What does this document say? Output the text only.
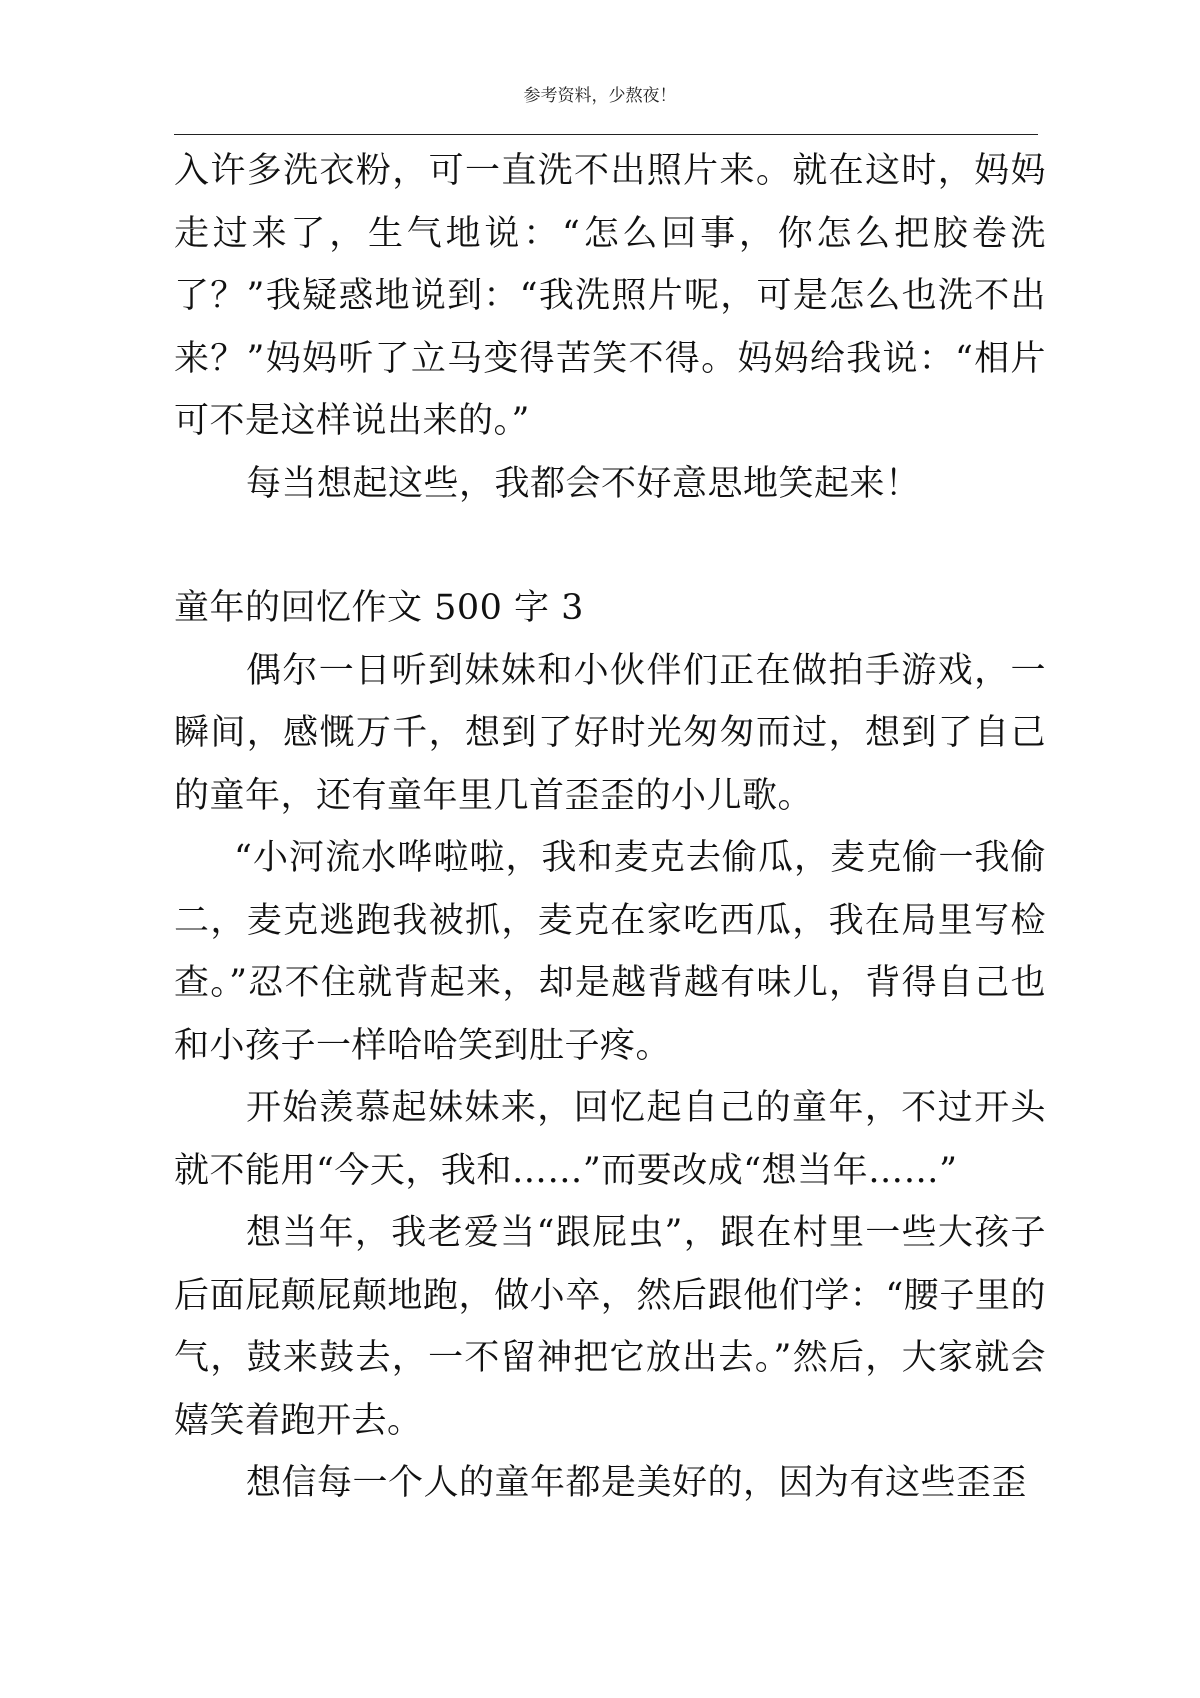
参考资料，少熬夜！

入许多洗衣粉，可一直洗不出照片来。就在这时，妈妈走过来了，生气地说：“怎么回事，你怎么把胶卷洗了？”我疑惑地说到：“我洗照片呢，可是怎么也洗不出来？”妈妈听了立马变得苦笑不得。妈妈给我说：“相片可不是这样说出来的。”

每当想起这些，我都会不好意思地笑起来！

童年的回忆作文 500 字 3

偶尔一日听到妹妹和小伙伴们正在做拍手游戏，一瞬间，感慨万千，想到了好时光匆匆而过，想到了自己的童年，还有童年里几首歪歪的小儿歌。

“小河流水哗啦啦，我和麦克去偷瓜，麦克偷一我偷二，麦克逃跑我被抓，麦克在家吃西瓜，我在局里写检查。”忍不住就背起来，却是越背越有味儿，背得自己也和小孩子一样哈哈笑到肚子疼。

开始羡慕起妹妹来，回忆起自己的童年，不过开头就不能用“今天，我和……”而要改成“想当年……”

想当年，我老爱当“跟屁虫”，跟在村里一些大孩子后面屁颠屁颠地跑，做小卒，然后跟他们学：“腰子里的气，鼓来鼓去，一不留神把它放出去。”然后，大家就会嬉笑着跑开去。

想信每一个人的童年都是美好的，因为有这些歪歪
